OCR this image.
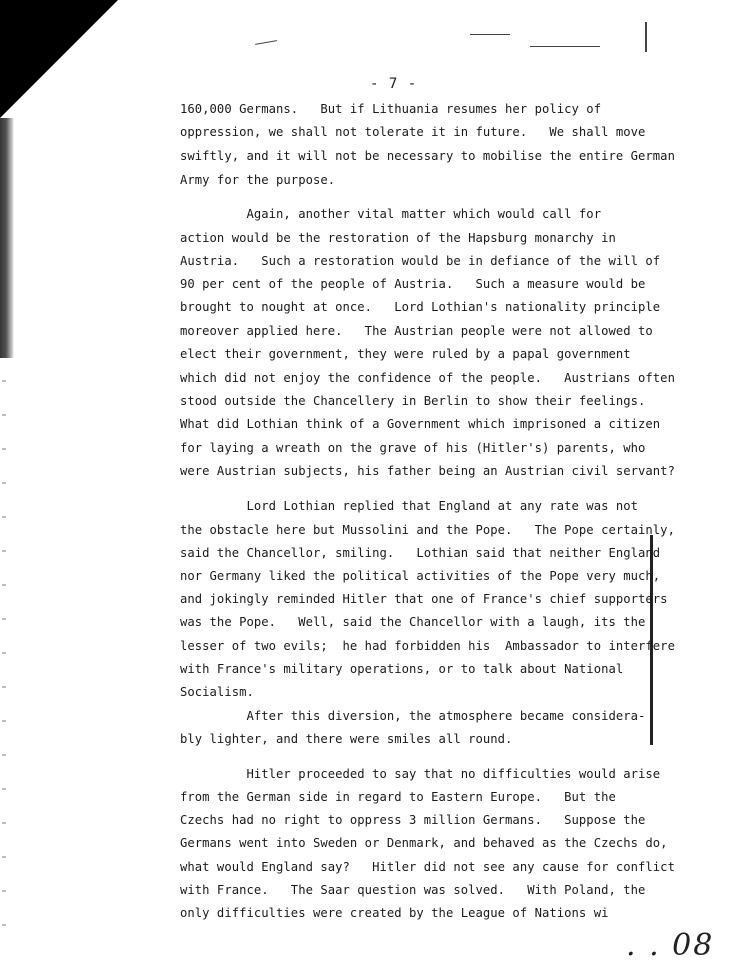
- 7 -
160,000 Germans.   But if Lithuania resumes her policy of
oppression, we shall not tolerate it in future.   We shall move
swiftly, and it will not be necessary to mobilise the entire German
Army for the purpose.
Again, another vital matter which would call for
action would be the restoration of the Hapsburg monarchy in
Austria.   Such a restoration would be in defiance of the will of
90 per cent of the people of Austria.   Such a measure would be
brought to nought at once.   Lord Lothian's nationality principle
moreover applied here.   The Austrian people were not allowed to
elect their government, they were ruled by a papal government
which did not enjoy the confidence of the people.   Austrians often
stood outside the Chancellery in Berlin to show their feelings.
What did Lothian think of a Government which imprisoned a citizen
for laying a wreath on the grave of his (Hitler's) parents, who
were Austrian subjects, his father being an Austrian civil servant?
Lord Lothian replied that England at any rate was not
the obstacle here but Mussolini and the Pope.   The Pope certainly,
said the Chancellor, smiling.   Lothian said that neither England
nor Germany liked the political activities of the Pope very much,
and jokingly reminded Hitler that one of France's chief supporters
was the Pope.   Well, said the Chancellor with a laugh, its the
lesser of two evils;  he had forbidden his  Ambassador to interfere
with France's military operations, or to talk about National
Socialism.
After this diversion, the atmosphere became considera-
bly lighter, and there were smiles all round.
Hitler proceeded to say that no difficulties would arise
from the German side in regard to Eastern Europe.   But the
Czechs had no right to oppress 3 million Germans.   Suppose the
Germans went into Sweden or Denmark, and behaved as the Czechs do,
what would England say?   Hitler did not see any cause for conflict
with France.   The Saar question was solved.   With Poland, the
only difficulties were created by the League of Nations wi
. . 08
